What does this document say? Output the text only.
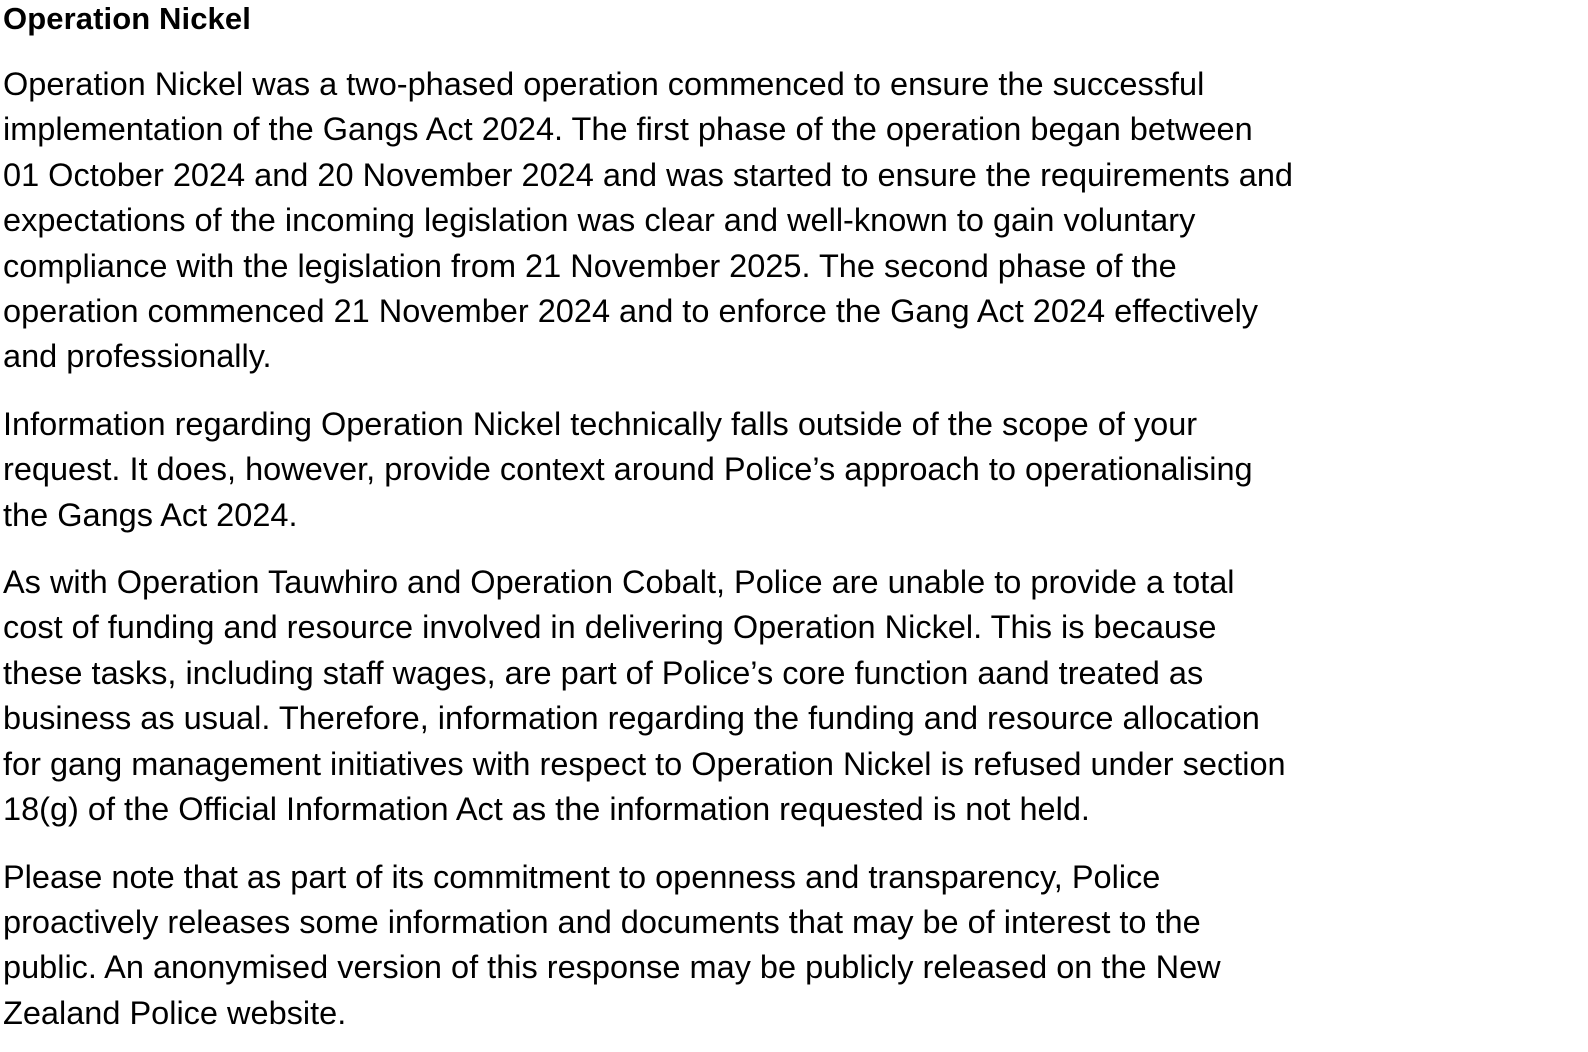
Operation Nickel

Operation Nickel was a two-phased operation commenced to ensure the successful
implementation of the Gangs Act 2024. The first phase of the operation began between
01 October 2024 and 20 November 2024 and was started to ensure the requirements and
expectations of the incoming legislation was clear and well-known to gain voluntary
compliance with the legislation from 21 November 2025. The second phase of the
operation commenced 21 November 2024 and to enforce the Gang Act 2024 effectively
and professionally.

Information regarding Operation Nickel technically falls outside of the scope of your
request. It does, however, provide context around Police’s approach to operationalising
the Gangs Act 2024.

As with Operation Tauwhiro and Operation Cobalt, Police are unable to provide a total
cost of funding and resource involved in delivering Operation Nickel. This is because
these tasks, including staff wages, are part of Police’s core function aand treated as
business as usual. Therefore, information regarding the funding and resource allocation
for gang management initiatives with respect to Operation Nickel is refused under section
18(g) of the Official Information Act as the information requested is not held.

Please note that as part of its commitment to openness and transparency, Police
proactively releases some information and documents that may be of interest to the
public. An anonymised version of this response may be publicly released on the New
Zealand Police website.
